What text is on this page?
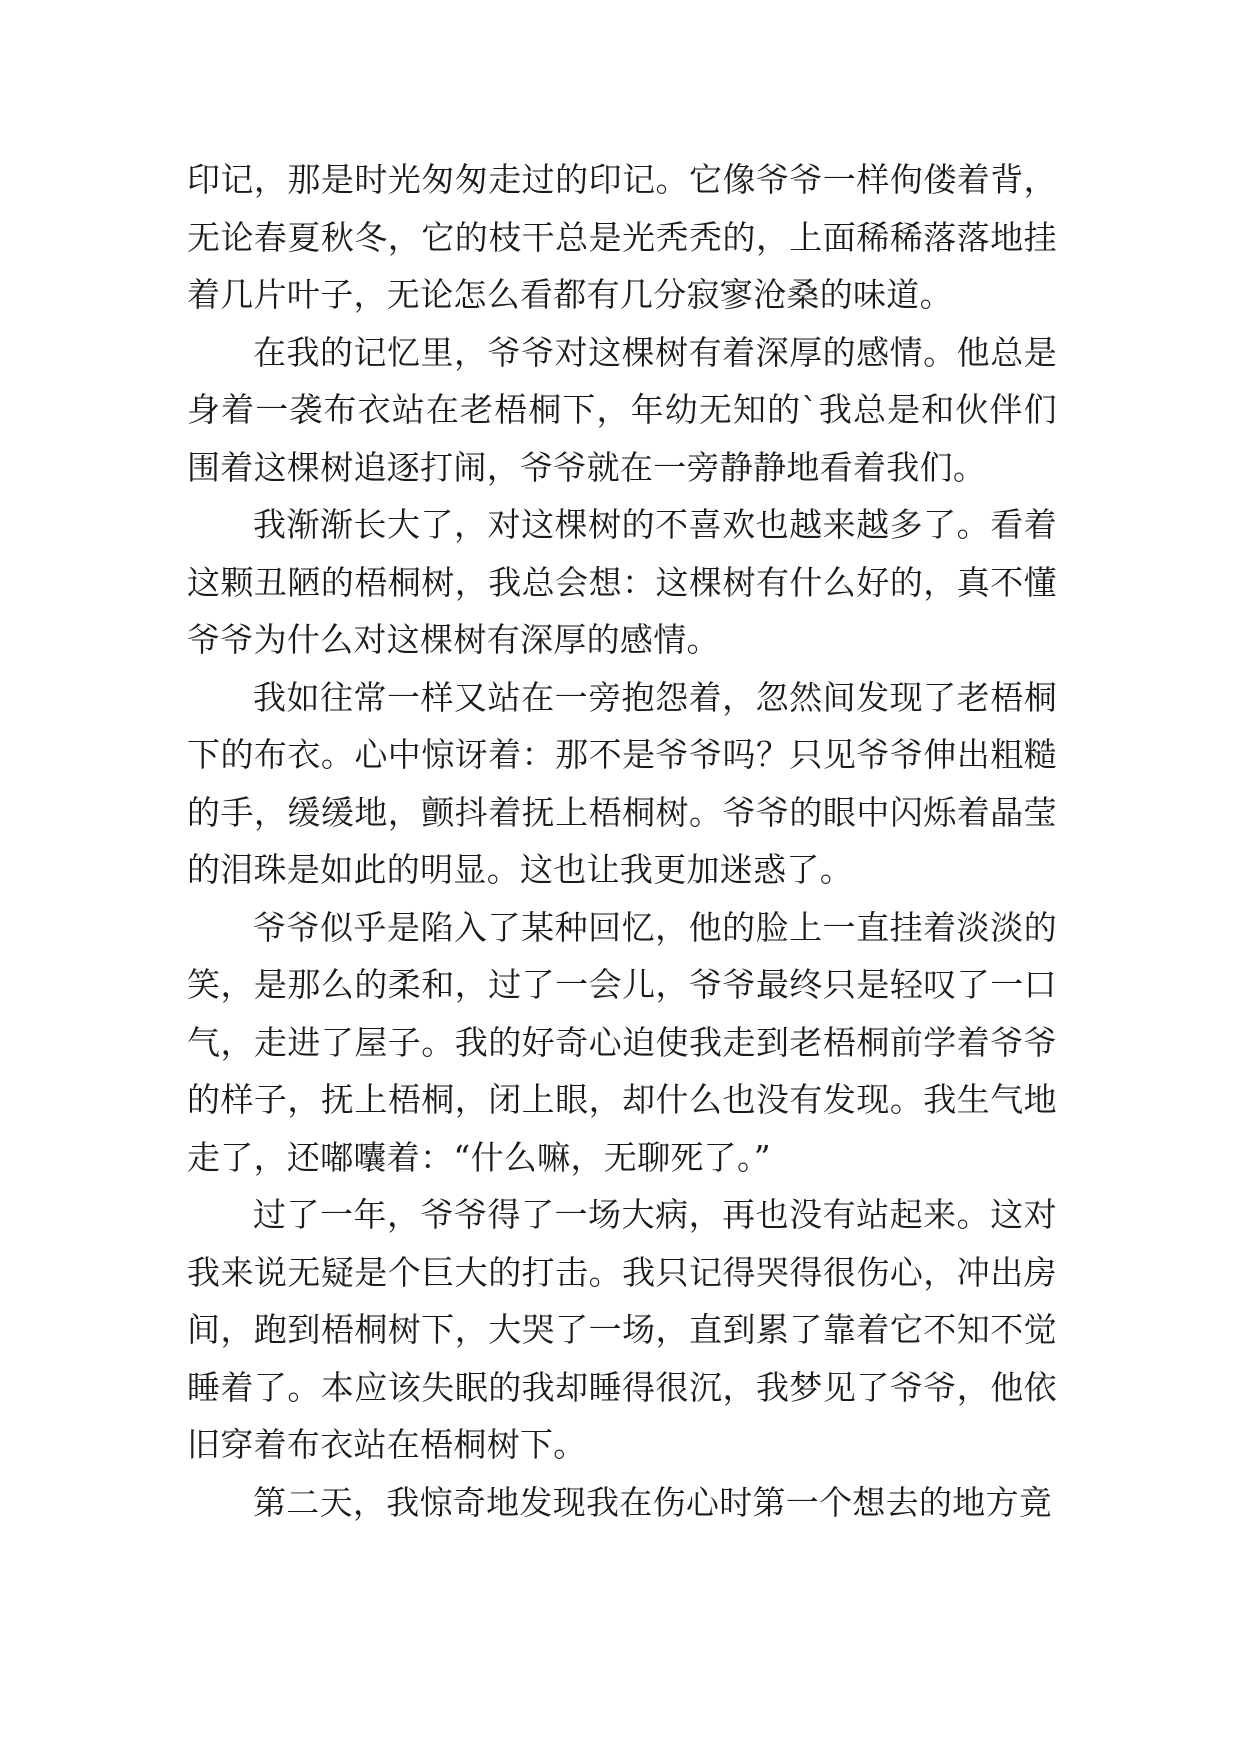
印记，那是时光匆匆走过的印记。它像爷爷一样佝偻着背，无论春夏秋冬，它的枝干总是光秃秃的，上面稀稀落落地挂着几片叶子，无论怎么看都有几分寂寥沧桑的味道。

在我的记忆里，爷爷对这棵树有着深厚的感情。他总是身着一袭布衣站在老梧桐下，年幼无知的`我总是和伙伴们围着这棵树追逐打闹，爷爷就在一旁静静地看着我们。

我渐渐长大了，对这棵树的不喜欢也越来越多了。看着这颗丑陋的梧桐树，我总会想：这棵树有什么好的，真不懂爷爷为什么对这棵树有深厚的感情。

我如往常一样又站在一旁抱怨着，忽然间发现了老梧桐下的布衣。心中惊讶着：那不是爷爷吗？只见爷爷伸出粗糙的手，缓缓地，颤抖着抚上梧桐树。爷爷的眼中闪烁着晶莹的泪珠是如此的明显。这也让我更加迷惑了。

爷爷似乎是陷入了某种回忆，他的脸上一直挂着淡淡的笑，是那么的柔和，过了一会儿，爷爷最终只是轻叹了一口气，走进了屋子。我的好奇心迫使我走到老梧桐前学着爷爷的样子，抚上梧桐，闭上眼，却什么也没有发现。我生气地走了，还嘟囔着：“什么嘛，无聊死了。”

过了一年，爷爷得了一场大病，再也没有站起来。这对我来说无疑是个巨大的打击。我只记得哭得很伤心，冲出房间，跑到梧桐树下，大哭了一场，直到累了靠着它不知不觉睡着了。本应该失眠的我却睡得很沉，我梦见了爷爷，他依旧穿着布衣站在梧桐树下。

第二天，我惊奇地发现我在伤心时第一个想去的地方竟
